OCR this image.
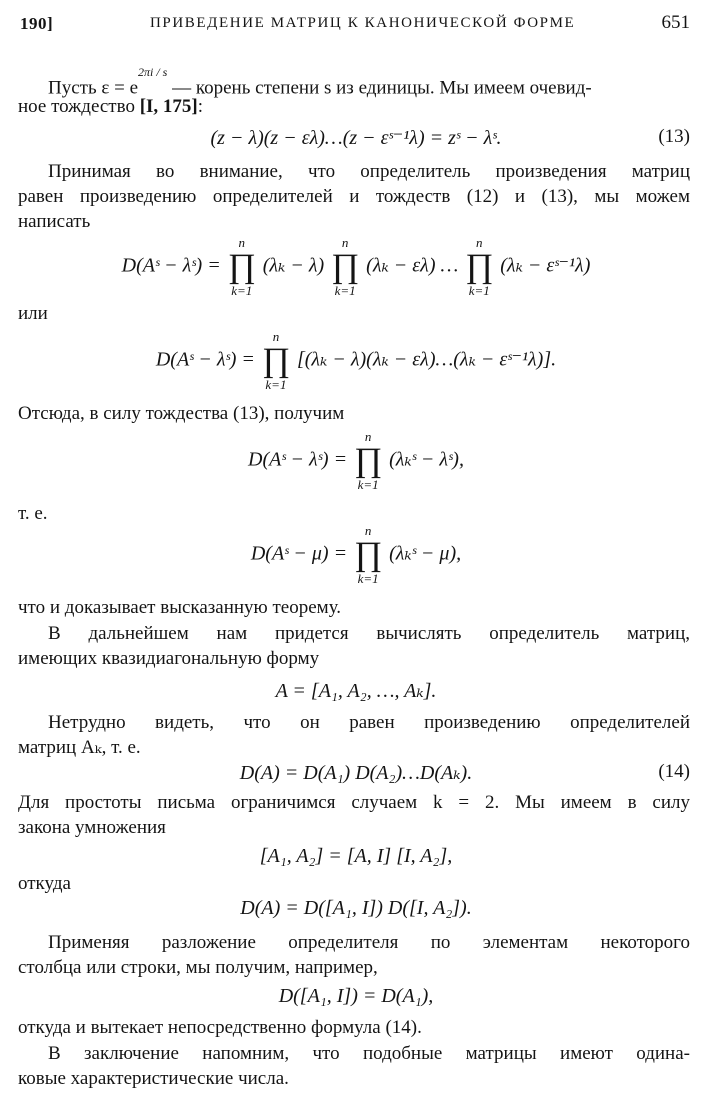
190]	ПРИВЕДЕНИЕ МАТРИЦ К КАНОНИЧЕСКОЙ ФОРМЕ	651
Пусть $\varepsilon = e^{2\pi i / s}$ — корень степени s из единицы. Мы имеем очевид-
ное тождество [I, 175]:
(z − λ)(z − ελ)…(z − εˢ⁻¹λ) = zˢ − λˢ.	(13)
Принимая во внимание, что определитель произведения матриц
равен произведению определителей и тождеств (12) и (13), мы можем
написать
D(Aˢ − λˢ) =
n
∏
k=1
(λₖ − λ)
n
∏
k=1
(λₖ − ελ) …
n
∏
k=1
(λₖ − εˢ⁻¹λ)
или
D(Aˢ − λˢ) =
n
∏
k=1
[(λₖ − λ)(λₖ − ελ)…(λₖ − εˢ⁻¹λ)].
Отсюда, в силу тождества (13), получим
D(Aˢ − λˢ) =
n
∏
k=1
(λₖˢ − λˢ),
т. е.
D(Aˢ − μ) =
n
∏
k=1
(λₖˢ − μ),
что и доказывает высказанную теорему.
В дальнейшем нам придется вычислять определитель матриц,
имеющих квазидиагональную форму
A = [A₁, A₂, …, Aₖ].
Нетрудно видеть, что он равен произведению определителей
матриц Aₖ, т. е.
D(A) = D(A₁) D(A₂)…D(Aₖ).	(14)
Для простоты письма ограничимся случаем k = 2. Мы имеем в силу
закона умножения
[A₁, A₂] = [A, I] [I, A₂],
откуда
D(A) = D([A₁, I]) D([I, A₂]).
Применяя разложение определителя по элементам некоторого
столбца или строки, мы получим, например,
D([A₁, I]) = D(A₁),
откуда и вытекает непосредственно формула (14).
В заключение напомним, что подобные матрицы имеют одина-
ковые характеристические числа.
